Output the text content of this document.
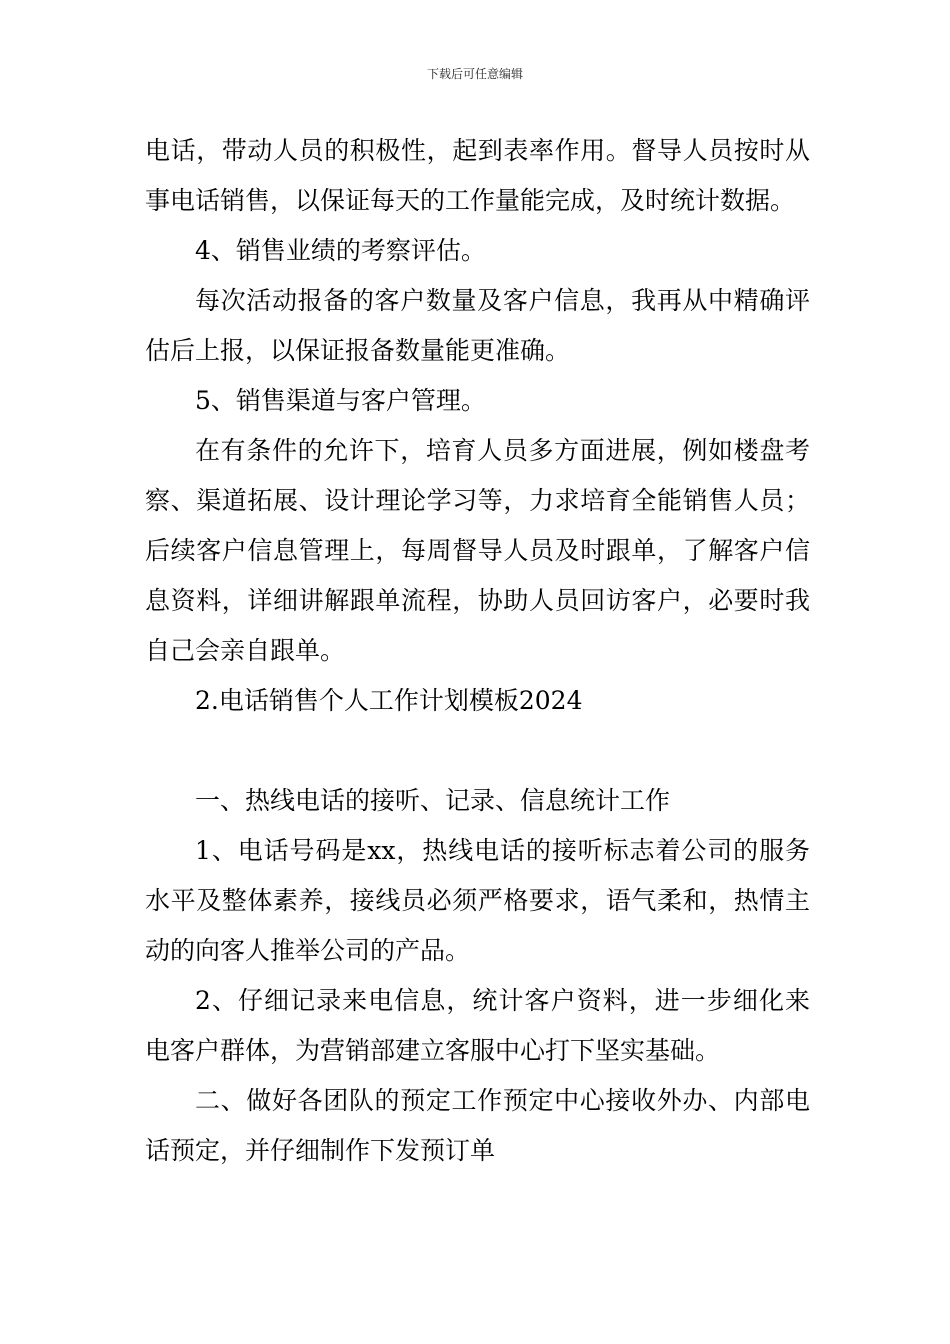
下载后可任意编辑

电话，带动人员的积极性，起到表率作用。督导人员按时从事电话销售，以保证每天的工作量能完成，及时统计数据。

4、销售业绩的考察评估。

每次活动报备的客户数量及客户信息，我再从中精确评估后上报，以保证报备数量能更准确。

5、销售渠道与客户管理。

在有条件的允许下，培育人员多方面进展，例如楼盘考察、渠道拓展、设计理论学习等，力求培育全能销售人员；后续客户信息管理上，每周督导人员及时跟单，了解客户信息资料，详细讲解跟单流程，协助人员回访客户，必要时我自己会亲自跟单。

2.电话销售个人工作计划模板2024

一、热线电话的接听、记录、信息统计工作

1、电话号码是xx，热线电话的接听标志着公司的服务水平及整体素养，接线员必须严格要求，语气柔和，热情主动的向客人推举公司的产品。

2、仔细记录来电信息，统计客户资料，进一步细化来电客户群体，为营销部建立客服中心打下坚实基础。

二、做好各团队的预定工作预定中心接收外办、内部电话预定，并仔细制作下发预订单
